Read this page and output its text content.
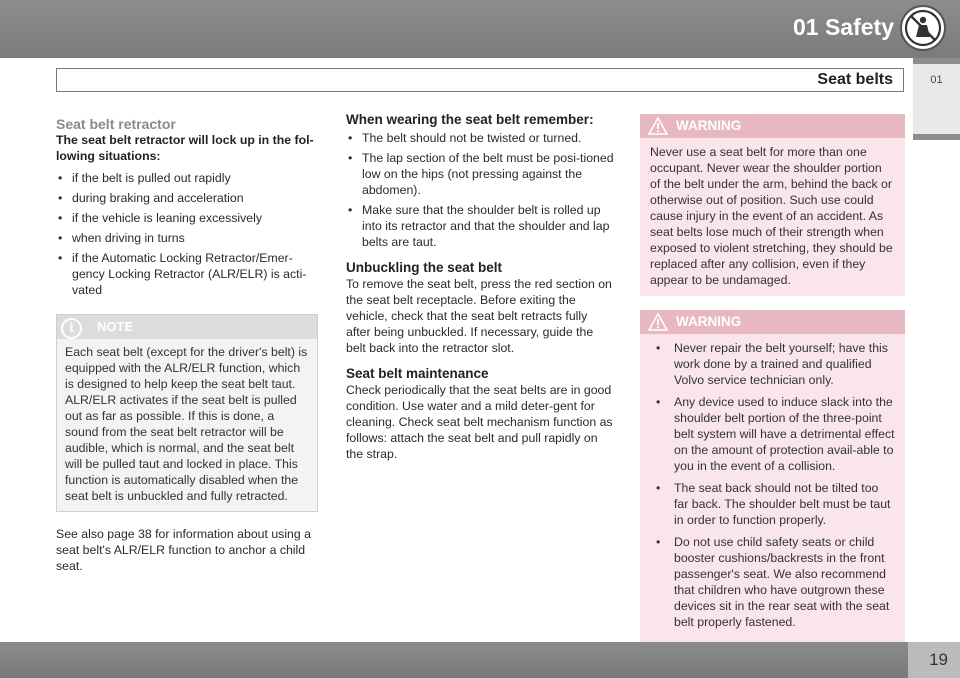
01 Safety
Seat belts	01
Seat belt retractor

The seat belt retractor will lock up in the fol-lowing situations:

• if the belt is pulled out rapidly
• during braking and acceleration
• if the vehicle is leaning excessively
• when driving in turns
• if the Automatic Locking Retractor/Emer-gency Locking Retractor (ALR/ELR) is acti-vated
i	NOTE
Each seat belt (except for the driver's belt) is equipped with the ALR/ELR function, which is designed to help keep the seat belt taut. ALR/ELR activates if the seat belt is pulled out as far as possible. If this is done, a sound from the seat belt retractor will be audible, which is normal, and the seat belt will be pulled taut and locked in place. This function is automatically disabled when the seat belt is unbuckled and fully retracted.

See also page 38 for information about using a seat belt's ALR/ELR function to anchor a child seat.

When wearing the seat belt remember:
• The belt should not be twisted or turned.
• The lap section of the belt must be posi-tioned low on the hips (not pressing against the abdomen).
• Make sure that the shoulder belt is rolled up into its retractor and that the shoulder and lap belts are taut.
Unbuckling the seat belt

To remove the seat belt, press the red section on the seat belt receptacle. Before exiting the vehicle, check that the seat belt retracts fully after being unbuckled. If necessary, guide the belt back into the retractor slot.

Seat belt maintenance

Check periodically that the seat belts are in good condition. Use water and a mild deter-gent for cleaning. Check seat belt mechanism function as follows: attach the seat belt and pull rapidly on the strap.

WARNING
Never use a seat belt for more than one occupant. Never wear the shoulder portion of the belt under the arm, behind the back or otherwise out of position. Such use could cause injury in the event of an accident. As seat belts lose much of their strength when exposed to violent stretching, they should be replaced after any collision, even if they appear to be undamaged.
WARNING
• Never repair the belt yourself; have this work done by a trained and qualified Volvo service technician only.
• Any device used to induce slack into the shoulder belt portion of the three-point belt system will have a detrimental effect on the amount of protection avail-able to you in the event of a collision.
• The seat back should not be tilted too far back. The shoulder belt must be taut in order to function properly.
• Do not use child safety seats or child booster cushions/backrests in the front passenger's seat. We also recommend that children who have outgrown these devices sit in the rear seat with the seat belt properly fastened.
19
